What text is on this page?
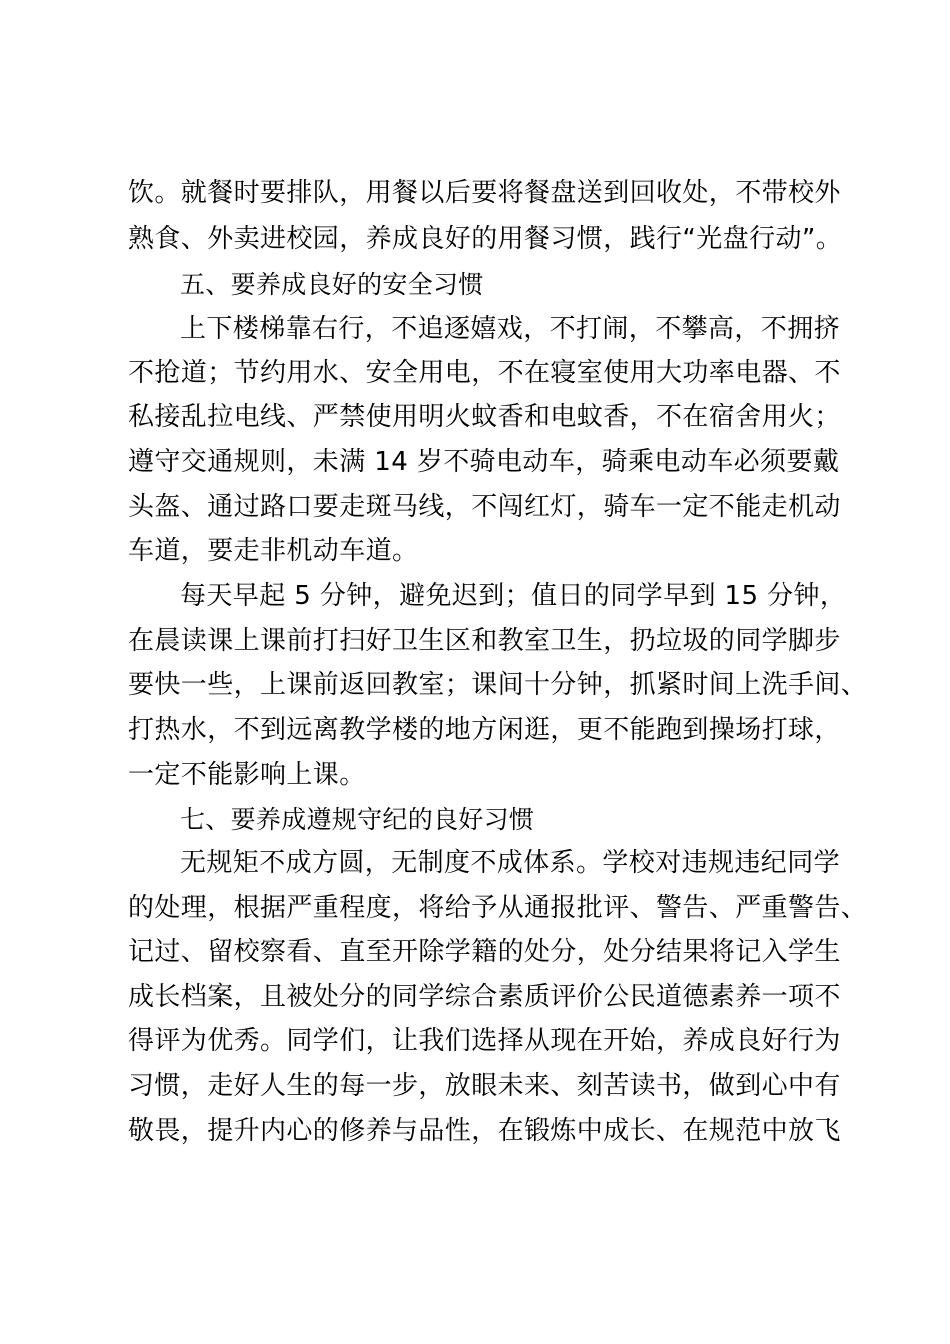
饮。就餐时要排队，用餐以后要将餐盘送到回收处，不带校外
熟食、外卖进校园，养成良好的用餐习惯，践行“光盘行动”。
五、要养成良好的安全习惯
上下楼梯靠右行，不追逐嬉戏，不打闹，不攀高，不拥挤
不抢道；节约用水、安全用电，不在寝室使用大功率电器、不
私接乱拉电线、严禁使用明火蚊香和电蚊香，不在宿舍用火；
遵守交通规则，未满 14 岁不骑电动车，骑乘电动车必须要戴
头盔、通过路口要走斑马线，不闯红灯，骑车一定不能走机动
车道，要走非机动车道。
每天早起 5 分钟，避免迟到；值日的同学早到 15 分钟，
在晨读课上课前打扫好卫生区和教室卫生，扔垃圾的同学脚步
要快一些，上课前返回教室；课间十分钟，抓紧时间上洗手间、
打热水，不到远离教学楼的地方闲逛，更不能跑到操场打球，
一定不能影响上课。
七、要养成遵规守纪的良好习惯
无规矩不成方圆，无制度不成体系。学校对违规违纪同学
的处理，根据严重程度，将给予从通报批评、警告、严重警告、
记过、留校察看、直至开除学籍的处分，处分结果将记入学生
成长档案，且被处分的同学综合素质评价公民道德素养一项不
得评为优秀。同学们，让我们选择从现在开始，养成良好行为
习惯，走好人生的每一步，放眼未来、刻苦读书，做到心中有
敬畏，提升内心的修养与品性，在锻炼中成长、在规范中放飞
